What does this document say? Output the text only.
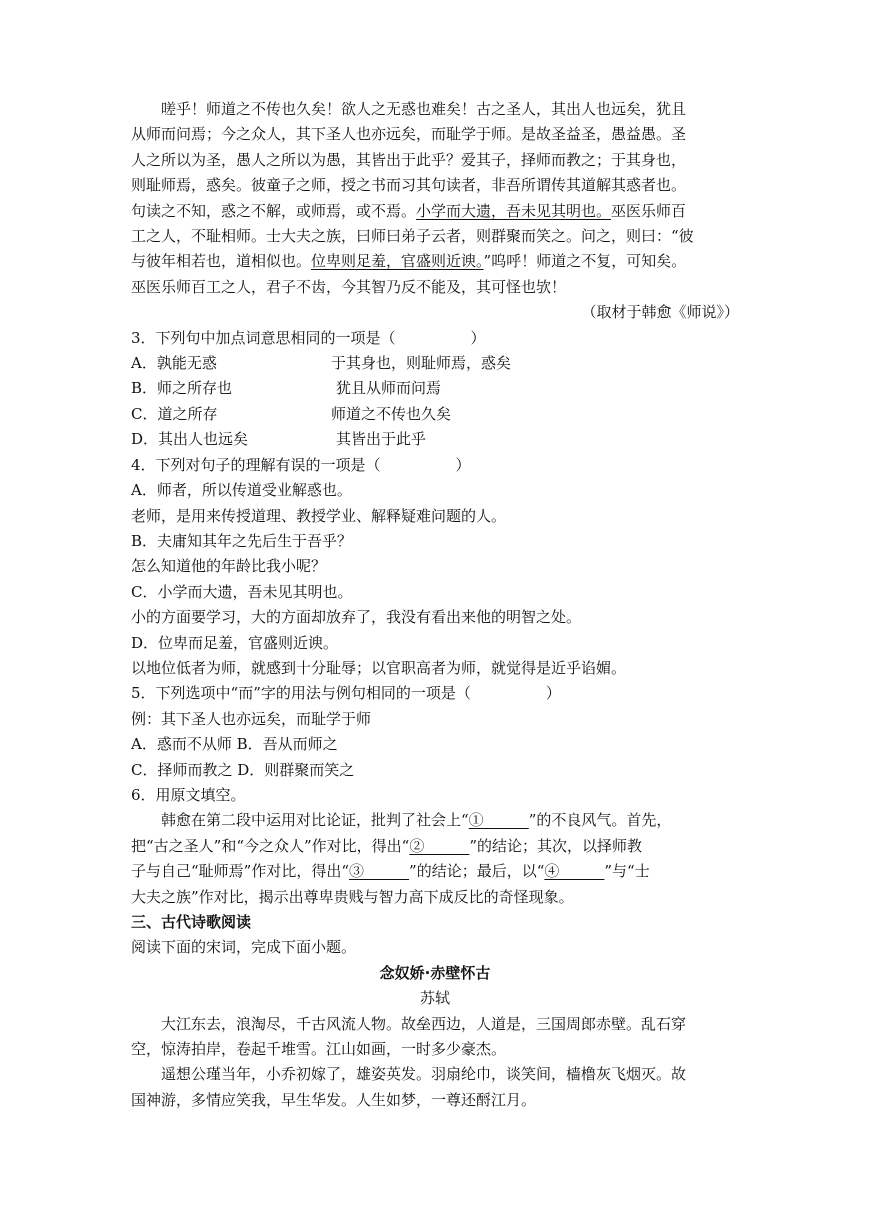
嗟乎！师道之不传也久矣！欲人之无惑也难矣！古之圣人，其出人也远矣，犹且
从师而问焉；今之众人，其下圣人也亦远矣，而耻学于师。是故圣益圣，愚益愚。圣
人之所以为圣，愚人之所以为愚，其皆出于此乎？爱其子，择师而教之；于其身也，
则耻师焉，惑矣。彼童子之师，授之书而习其句读者，非吾所谓传其道解其惑者也。
句读之不知，惑之不解，或师焉，或不焉。小学而大遗，吾未见其明也。巫医乐师百
工之人，不耻相师。士大夫之族，曰师曰弟子云者，则群聚而笑之。问之，则曰：“彼
与彼年相若也，道相似也。位卑则足羞，官盛则近谀。”呜呼！师道之不复，可知矣。
巫医乐师百工之人，君子不齿，今其智乃反不能及，其可怪也欤！
（取材于韩愈《师说》）
3．下列句中加点词意思相同的一项是（　　　　　）
A．孰能无惑	于其身也，则耻师焉，惑矣
B．师之所存也	犹且从师而问焉
C．道之所存	师道之不传也久矣
D．其出人也远矣	其皆出于此乎
4．下列对句子的理解有误的一项是（　　　　　）
A．师者，所以传道受业解惑也。
老师，是用来传授道理、教授学业、解释疑难问题的人。
B．夫庸知其年之先后生于吾乎？
怎么知道他的年龄比我小呢？
C．小学而大遗，吾未见其明也。
小的方面要学习，大的方面却放弃了，我没有看出来他的明智之处。
D．位卑而足羞，官盛则近谀。
以地位低者为师，就感到十分耻辱；以官职高者为师，就觉得是近乎谄媚。
5．下列选项中“而”字的用法与例句相同的一项是（　　　　　）
例：其下圣人也亦远矣，而耻学于师
A．惑而不从师 B．吾从而师之
C．择师而教之 D．则群聚而笑之
6．用原文填空。
韩愈在第二段中运用对比论证，批判了社会上“①______”的不良风气。首先，
把“古之圣人”和“今之众人”作对比，得出“②______”的结论；其次，以择师教
子与自己“耻师焉”作对比，得出“③______”的结论；最后，以“④______”与“士
大夫之族”作对比，揭示出尊卑贵贱与智力高下成反比的奇怪现象。
三、古代诗歌阅读
阅读下面的宋词，完成下面小题。
念奴娇·赤壁怀古
苏轼
大江东去，浪淘尽，千古风流人物。故垒西边，人道是，三国周郎赤壁。乱石穿
空，惊涛拍岸，卷起千堆雪。江山如画，一时多少豪杰。
遥想公瑾当年，小乔初嫁了，雄姿英发。羽扇纶巾，谈笑间，樯橹灰飞烟灭。故
国神游，多情应笑我，早生华发。人生如梦，一尊还酹江月。
